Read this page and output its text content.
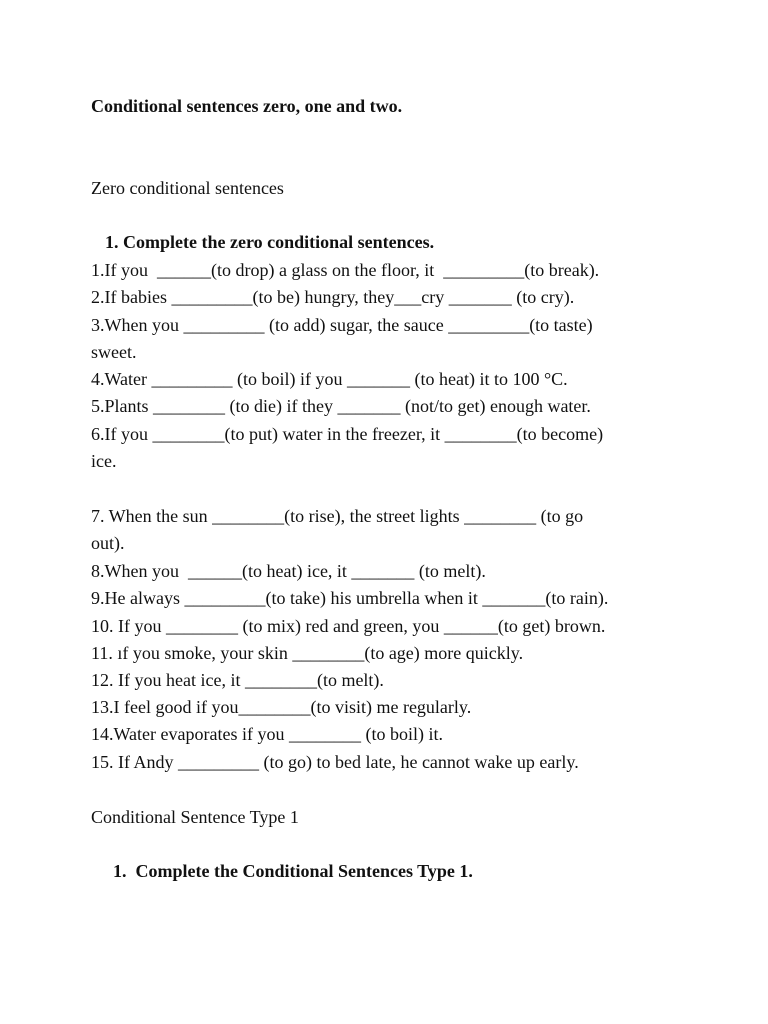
Conditional sentences zero, one and two.
Zero conditional sentences
1. Complete the zero conditional sentences.
1.If you  ______(to drop) a glass on the floor, it  _________(to break).
2.If babies _________(to be) hungry, they___cry _______ (to cry).
3.When you _________ (to add) sugar, the sauce _________(to taste)
sweet.
4.Water _________ (to boil) if you _______ (to heat) it to 100 °C.
5.Plants ________ (to die) if they _______ (not/to get) enough water.
6.If you ________(to put) water in the freezer, it ________(to become)
ice.
7. When the sun ________(to rise), the street lights ________ (to go
out).
8.When you  ______(to heat) ice, it _______ (to melt).
9.He always _________(to take) his umbrella when it _______(to rain).
10. If you ________ (to mix) red and green, you ______(to get) brown.
11. ıf you smoke, your skin ________(to age) more quickly.
12. If you heat ice, it ________(to melt).
13.I feel good if you________(to visit) me regularly.
14.Water evaporates if you ________ (to boil) it.
15. If Andy _________ (to go) to bed late, he cannot wake up early.
Conditional Sentence Type 1
1.  Complete the Conditional Sentences Type 1.
